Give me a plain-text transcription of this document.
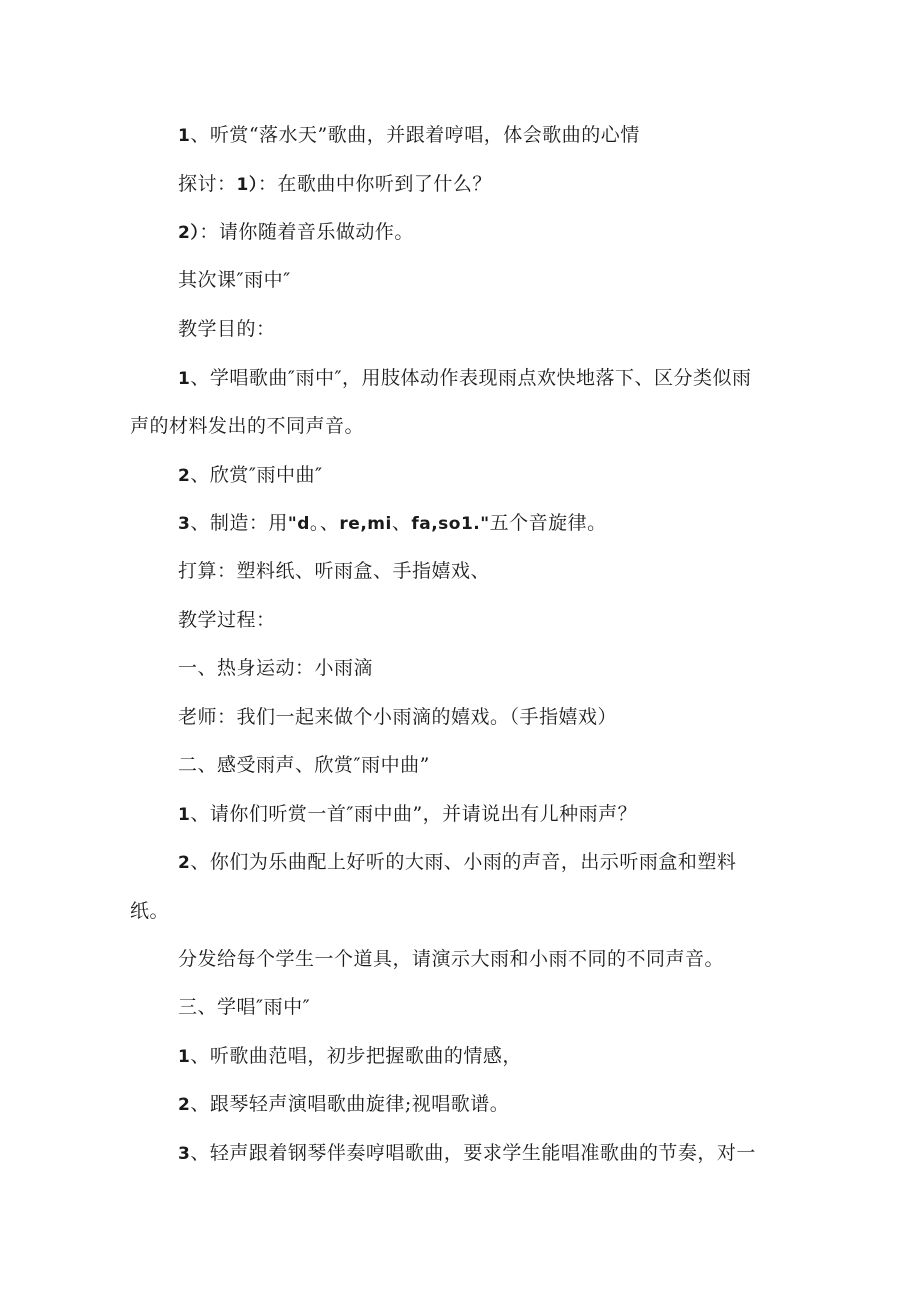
1、听赏“落水天”歌曲，并跟着哼唱，体会歌曲的心情
探讨：1）：在歌曲中你听到了什么？
2）：请你随着音乐做动作。
其次课″雨中″
教学目的：
1、学唱歌曲″雨中″，用肢体动作表现雨点欢快地落下、区分类似雨
声的材料发出的不同声音。
2、欣赏″雨中曲″
3、制造：用"d。、re,mi、fa,so1."五个音旋律。
打算：塑料纸、听雨盒、手指嬉戏、
教学过程：
一、热身运动：小雨滴
老师：我们一起来做个小雨滴的嬉戏。（手指嬉戏）
二、感受雨声、欣赏″雨中曲”
1、请你们听赏一首″雨中曲”，并请说出有儿种雨声？
2、你们为乐曲配上好听的大雨、小雨的声音，出示听雨盒和塑料
纸。
分发给每个学生一个道具，请演示大雨和小雨不同的不同声音。
三、学唱″雨中″
1、听歌曲范唱，初步把握歌曲的情感，
2、跟琴轻声演唱歌曲旋律;视唱歌谱。
3、轻声跟着钢琴伴奏哼唱歌曲，要求学生能唱准歌曲的节奏，对一
